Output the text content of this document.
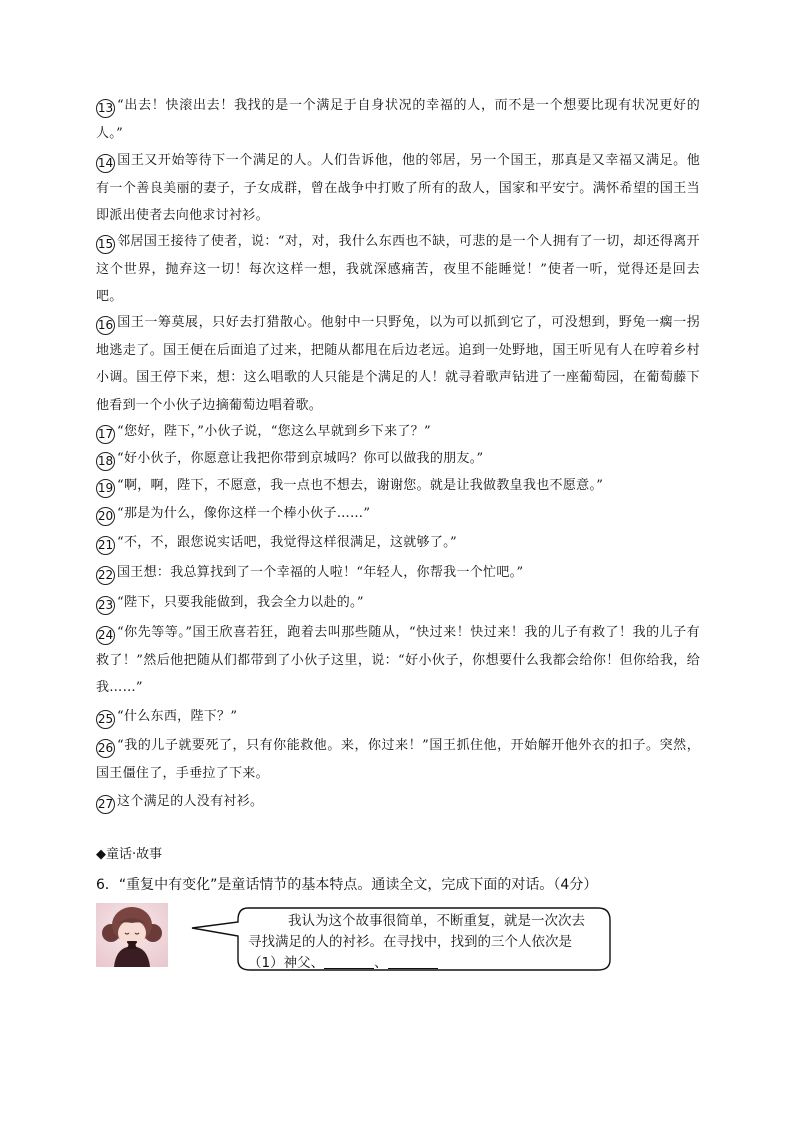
13 “出去！快滚出去！我找的是一个满足于自身状况的幸福的人，而不是一个想要比现有状况更好的人。”
14 国王又开始等待下一个满足的人。人们告诉他，他的邻居，另一个国王，那真是又幸福又满足。他有一个善良美丽的妻子，子女成群，曾在战争中打败了所有的敌人，国家和平安宁。满怀希望的国王当即派出使者去向他求讨衬衫。
15 邻居国王接待了使者，说：“对，对，我什么东西也不缺，可悲的是一个人拥有了一切，却还得离开这个世界，抛弃这一切！每次这样一想，我就深感痛苦，夜里不能睡觉！”使者一听，觉得还是回去吧。
16 国王一筹莫展，只好去打猎散心。他射中一只野兔，以为可以抓到它了，可没想到，野兔一瘸一拐地逃走了。国王便在后面追了过来，把随从都甩在后边老远。追到一处野地，国王听见有人在哼着乡村小调。国王停下来，想：这么唱歌的人只能是个满足的人！就寻着歌声钻进了一座葡萄园，在葡萄藤下他看到一个小伙子边摘葡萄边唱着歌。
17 “您好，陛下，”小伙子说，“您这么早就到乡下来了？”
18 “好小伙子，你愿意让我把你带到京城吗？你可以做我的朋友。”
19 “啊，啊，陛下，不愿意，我一点也不想去，谢谢您。就是让我做教皇我也不愿意。”
20 “那是为什么，像你这样一个棒小伙子……”
21 “不，不，跟您说实话吧，我觉得这样很满足，这就够了。”
22 国王想：我总算找到了一个幸福的人啦！“年轻人，你帮我一个忙吧。”
23 “陛下，只要我能做到，我会全力以赴的。”
24 “你先等等。”国王欣喜若狂，跑着去叫那些随从，“快过来！快过来！我的儿子有救了！我的儿子有救了！”然后他把随从们都带到了小伙子这里，说：“好小伙子，你想要什么我都会给你！但你给我，给我……”
25 “什么东西，陛下？”
26 “我的儿子就要死了，只有你能救他。来，你过来！”国王抓住他，开始解开他外衣的扣子。突然，国王僵住了，手垂拉了下来。
27 这个满足的人没有衬衫。
◆童话·故事
6．“重复中有变化”是童话情节的基本特点。通读全文，完成下面的对话。（4分）
我认为这个故事很简单，不断重复，就是一次次去寻找满足的人的衬衫。在寻找中，找到的三个人依次是（1）神父、	、
